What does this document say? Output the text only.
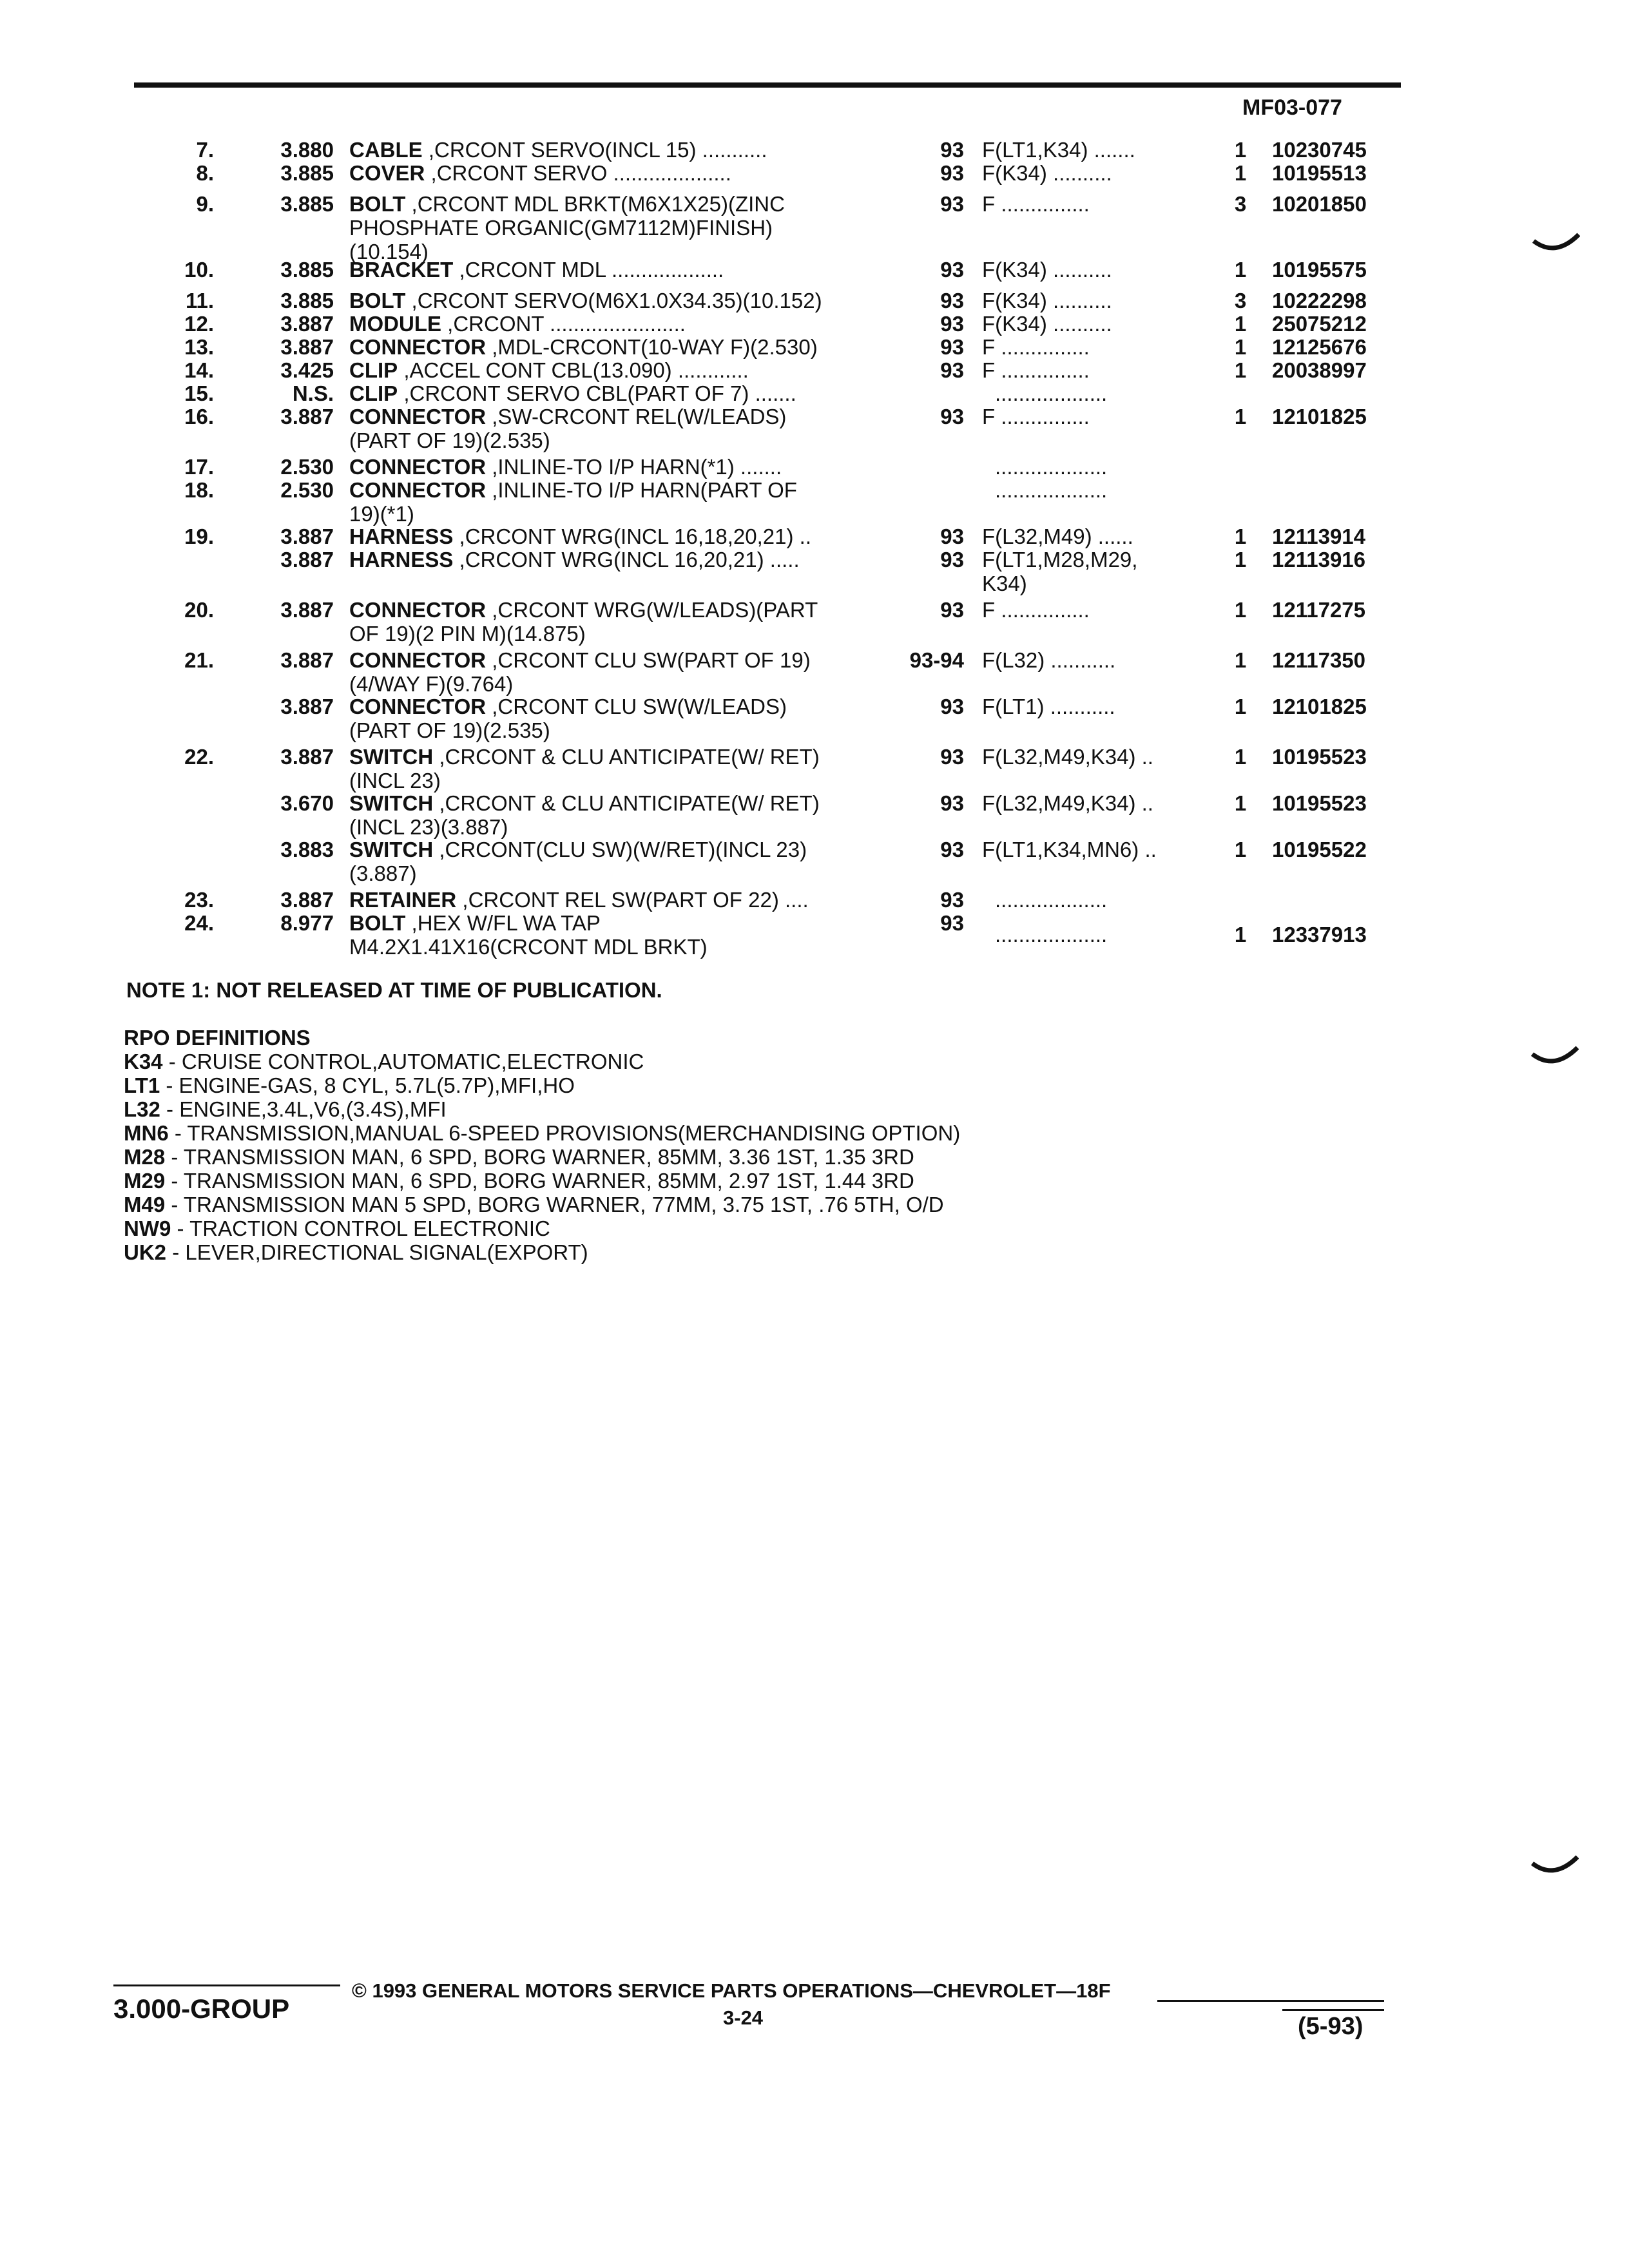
MF03-077
7.	3.880 CABLE ,CRCONT SERVO(INCL 15) ...........	93 F(LT1,K34) .......	1	10230745
8.	3.885 COVER ,CRCONT SERVO ....................	93 F(K34) ..........	1	10195513
9.	3.885 BOLT ,CRCONT MDL BRKT(M6X1X25)(ZINC
PHOSPHATE ORGANIC(GM7112M)FINISH)
(10.154)
93 F ...............	3	10201850
10.	3.885 BRACKET ,CRCONT MDL ...................	93 F(K34) ..........	1	10195575
11.	3.885 BOLT ,CRCONT SERVO(M6X1.0X34.35)(10.152)	93 F(K34) ..........	3	10222298
12.	3.887 MODULE ,CRCONT .......................	93 F(K34) ..........	1	25075212
13.	3.887 CONNECTOR ,MDL-CRCONT(10-WAY F)(2.530)	93 F ...............	1	12125676
14.	3.425 CLIP ,ACCEL CONT CBL(13.090) ............	93 F ...............	1	20038997
15.	N.S. CLIP ,CRCONT SERVO CBL(PART OF 7) .......	...................
16.	3.887 CONNECTOR ,SW-CRCONT REL(W/LEADS)
(PART OF 19)(2.535)
93 F ...............	1	12101825
17.	2.530 CONNECTOR ,INLINE-TO I/P HARN(*1) .......	...................
18.	2.530 CONNECTOR ,INLINE-TO I/P HARN(PART OF
19)(*1)
...................
19.	3.887 HARNESS ,CRCONT WRG(INCL 16,18,20,21) ..	93 F(L32,M49) ......	1	12113914
3.887 HARNESS ,CRCONT WRG(INCL 16,20,21) .....	93 F(LT1,M28,M29,
K34)
1	12113916
20.	3.887 CONNECTOR ,CRCONT WRG(W/LEADS)(PART
OF 19)(2 PIN M)(14.875)
93 F ...............	1	12117275
21.	3.887 CONNECTOR ,CRCONT CLU SW(PART OF 19)
(4/WAY F)(9.764)
93-94 F(L32) ...........	1	12117350
3.887 CONNECTOR ,CRCONT CLU SW(W/LEADS)
(PART OF 19)(2.535)
93 F(LT1) ...........	1	12101825
22.	3.887 SWITCH ,CRCONT & CLU ANTICIPATE(W/ RET)
(INCL 23)
93 F(L32,M49,K34) ..	1	10195523
3.670 SWITCH ,CRCONT & CLU ANTICIPATE(W/ RET)
(INCL 23)(3.887)
93 F(L32,M49,K34) ..	1	10195523
3.883 SWITCH ,CRCONT(CLU SW)(W/RET)(INCL 23)
(3.887)
93 F(LT1,K34,MN6) ..	1	10195522
23.	3.887 RETAINER ,CRCONT REL SW(PART OF 22) ....	93 ...................
24.	8.977 BOLT ,HEX W/FL WA TAP
M4.2X1.41X16(CRCONT MDL BRKT)
93 ...................	1	12337913
NOTE 1: NOT RELEASED AT TIME OF PUBLICATION.
RPO DEFINITIONS
K34 - CRUISE CONTROL,AUTOMATIC,ELECTRONIC
LT1 - ENGINE-GAS, 8 CYL, 5.7L(5.7P),MFI,HO
L32 - ENGINE,3.4L,V6,(3.4S),MFI
MN6 - TRANSMISSION,MANUAL 6-SPEED PROVISIONS(MERCHANDISING OPTION)
M28 - TRANSMISSION MAN, 6 SPD, BORG WARNER, 85MM, 3.36 1ST, 1.35 3RD
M29 - TRANSMISSION MAN, 6 SPD, BORG WARNER, 85MM, 2.97 1ST, 1.44 3RD
M49 - TRANSMISSION MAN 5 SPD, BORG WARNER, 77MM, 3.75 1ST, .76 5TH, O/D
NW9 - TRACTION CONTROL ELECTRONIC
UK2 - LEVER,DIRECTIONAL SIGNAL(EXPORT)
© 1993 GENERAL MOTORS SERVICE PARTS OPERATIONS—CHEVROLET—18F
3.000-GROUP	3-24	(5-93)
